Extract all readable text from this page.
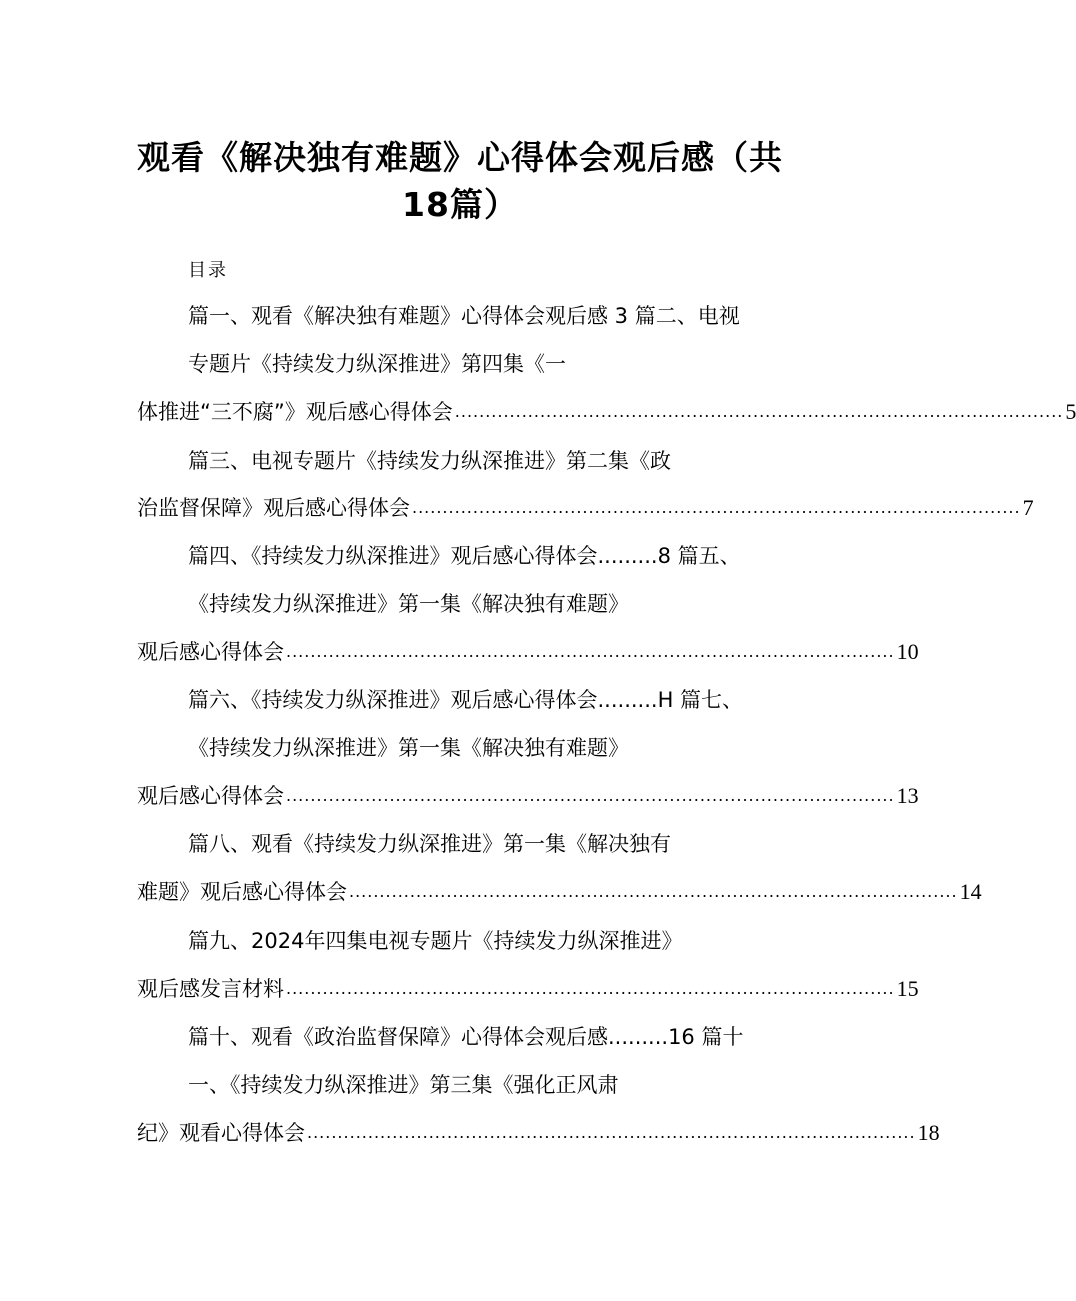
观看《解决独有难题》心得体会观后感（共
18篇）
目录
篇一、观看《解决独有难题》心得体会观后感 3 篇二、电视
专题片《持续发力纵深推进》第四集《一
体推进“三不腐”》观后感心得体会 .................................................................................................... 5
篇三、电视专题片《持续发力纵深推进》第二集《政
治监督保障》观后感心得体会 .................................................................................................... 7
篇四、《持续发力纵深推进》观后感心得体会.........8 篇五、
《持续发力纵深推进》第一集《解决独有难题》
观后感心得体会 .................................................................................................... 10
篇六、《持续发力纵深推进》观后感心得体会.........H 篇七、
《持续发力纵深推进》第一集《解决独有难题》
观后感心得体会 .................................................................................................... 13
篇八、观看《持续发力纵深推进》第一集《解决独有
难题》观后感心得体会 .................................................................................................... 14
篇九、2024年四集电视专题片《持续发力纵深推进》
观后感发言材料 .................................................................................................... 15
篇十、观看《政治监督保障》心得体会观后感.........16 篇十
一、《持续发力纵深推进》第三集《强化正风肃
纪》观看心得体会 .................................................................................................... 18
